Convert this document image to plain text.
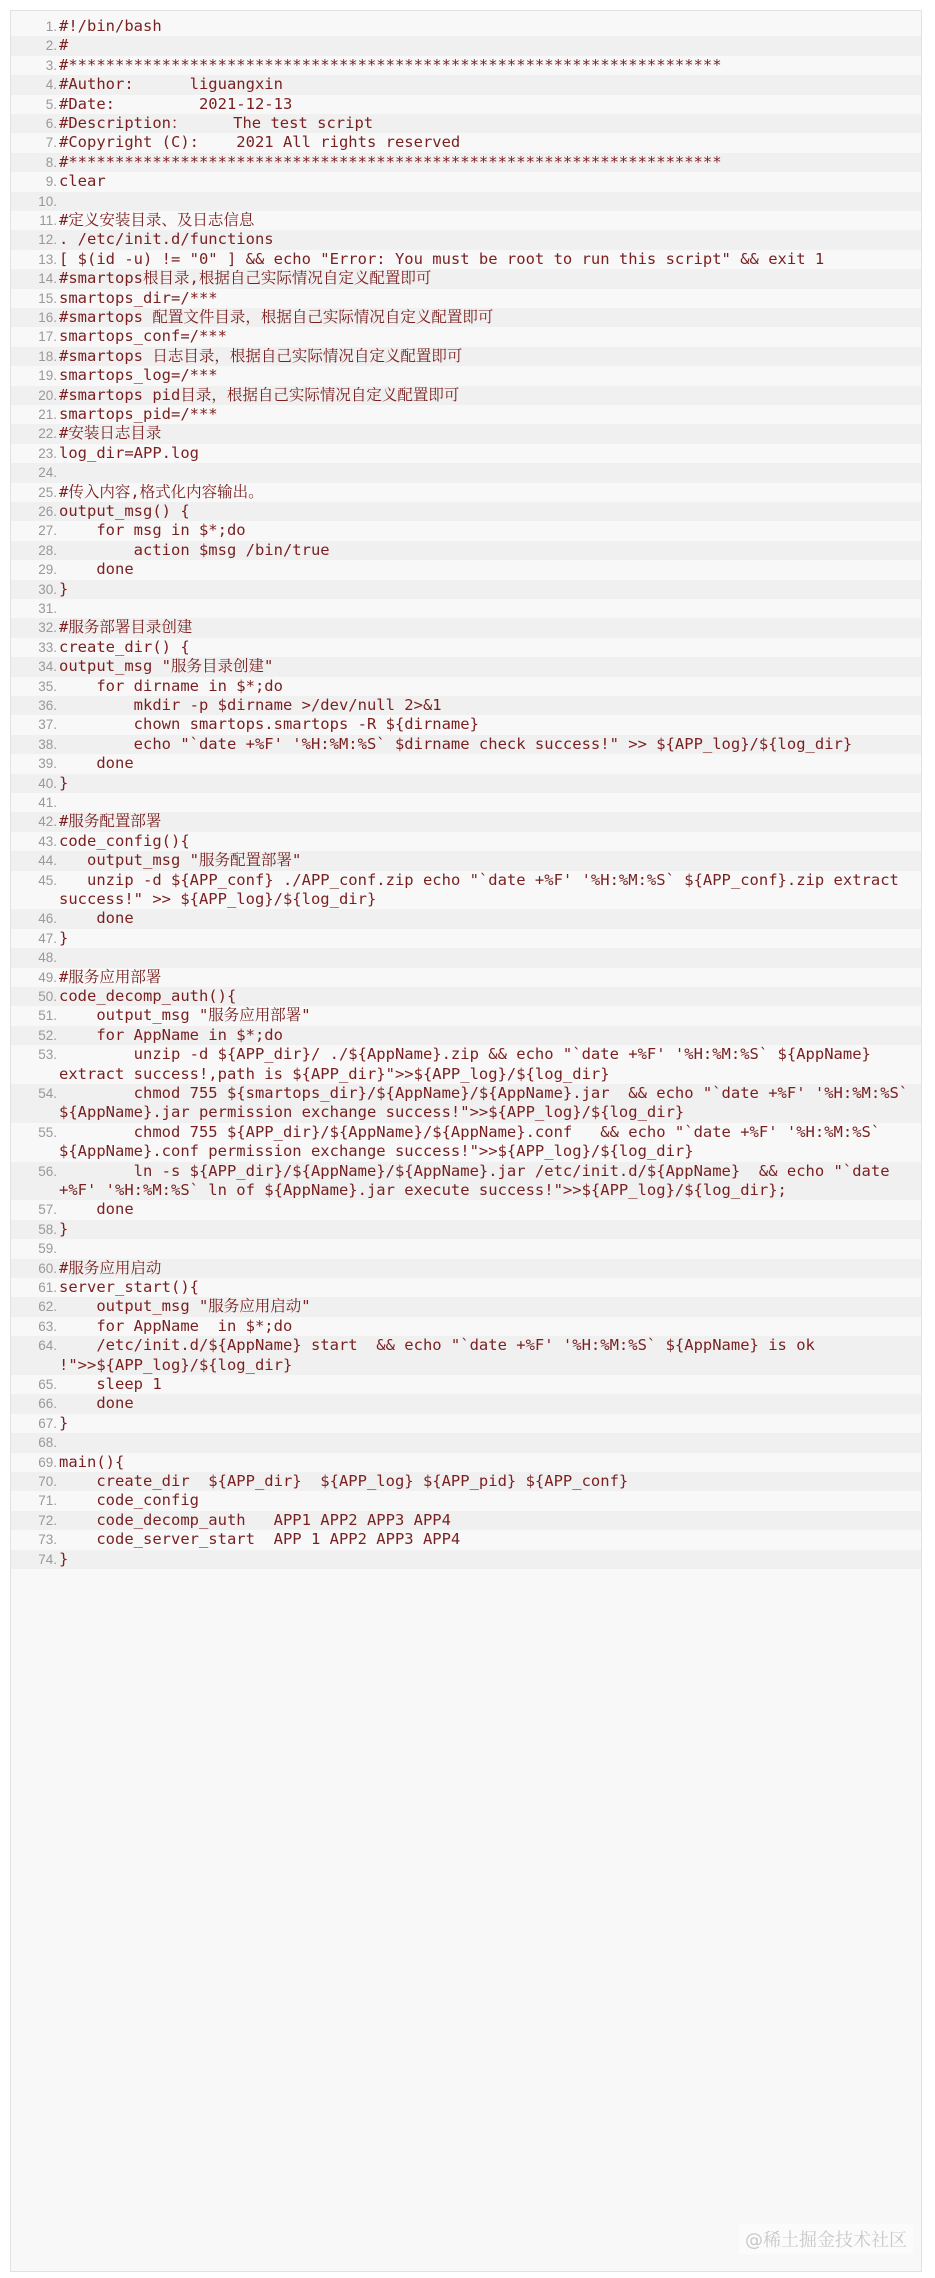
1. #!/bin/bash
2. #
3. #**********************************************************************
4. #Author:      liguangxin
5. #Date:         2021-12-13
6. #Description：     The test script
7. #Copyright (C):    2021 All rights reserved
8. #**********************************************************************
9. clear
10.
11. #定义安装目录、及日志信息
12. . /etc/init.d/functions
13. [ $(id -u) != "0" ] && echo "Error: You must be root to run this script" && exit 1
14. #smartops根目录,根据自己实际情况自定义配置即可
15. smartops_dir=/***
16. #smartops 配置文件目录，根据自己实际情况自定义配置即可
17. smartops_conf=/***
18. #smartops 日志目录，根据自己实际情况自定义配置即可
19. smartops_log=/***
20. #smartops pid目录，根据自己实际情况自定义配置即可
21. smartops_pid=/***
22. #安装日志目录
23. log_dir=APP.log
24.
25. #传入内容,格式化内容输出。
26. output_msg() {
27. for msg in $*;do
28. action $msg /bin/true
29. done
30. }
31.
32. #服务部署目录创建
33. create_dir() {
34. output_msg "服务目录创建"
35. for dirname in $*;do
36. mkdir -p $dirname >/dev/null 2>&1
37. chown smartops.smartops -R ${dirname}
38. echo "`date +%F' '%H:%M:%S` $dirname check success!" >> ${APP_log}/${log_dir}
39. done
40. }
41.
42. #服务配置部署
43. code_config(){
44. output_msg "服务配置部署"
45. unzip -d ${APP_conf} ./APP_conf.zip echo "`date +%F' '%H:%M:%S` ${APP_conf}.zip extract success!" >> ${APP_log}/${log_dir}
46. done
47. }
48.
49. #服务应用部署
50. code_decomp_auth(){
51. output_msg "服务应用部署"
52. for AppName in $*;do
53. unzip -d ${APP_dir}/ ./${AppName}.zip && echo "`date +%F' '%H:%M:%S` ${AppName} extract success!,path is ${APP_dir}">>${APP_log}/${log_dir}
54. chmod 755 ${smartops_dir}/${AppName}/${AppName}.jar  && echo "`date +%F' '%H:%M:%S` ${AppName}.jar permission exchange success!">>${APP_log}/${log_dir}
55. chmod 755 ${APP_dir}/${AppName}/${AppName}.conf   && echo "`date +%F' '%H:%M:%S` ${AppName}.conf permission exchange success!">>${APP_log}/${log_dir}
56. ln -s ${APP_dir}/${AppName}/${AppName}.jar /etc/init.d/${AppName}  && echo "`date +%F' '%H:%M:%S` ln of ${AppName}.jar execute success!">>${APP_log}/${log_dir};
57. done
58. }
59.
60. #服务应用启动
61. server_start(){
62. output_msg "服务应用启动"
63. for AppName  in $*;do
64. /etc/init.d/${AppName} start  && echo "`date +%F' '%H:%M:%S` ${AppName} is ok !">>${APP_log}/${log_dir}
65. sleep 1
66. done
67. }
68.
69. main(){
70. create_dir  ${APP_dir}  ${APP_log} ${APP_pid} ${APP_conf}
71. code_config
72. code_decomp_auth   APP1 APP2 APP3 APP4
73. code_server_start  APP 1 APP2 APP3 APP4
74. }
@稀土掘金技术社区
